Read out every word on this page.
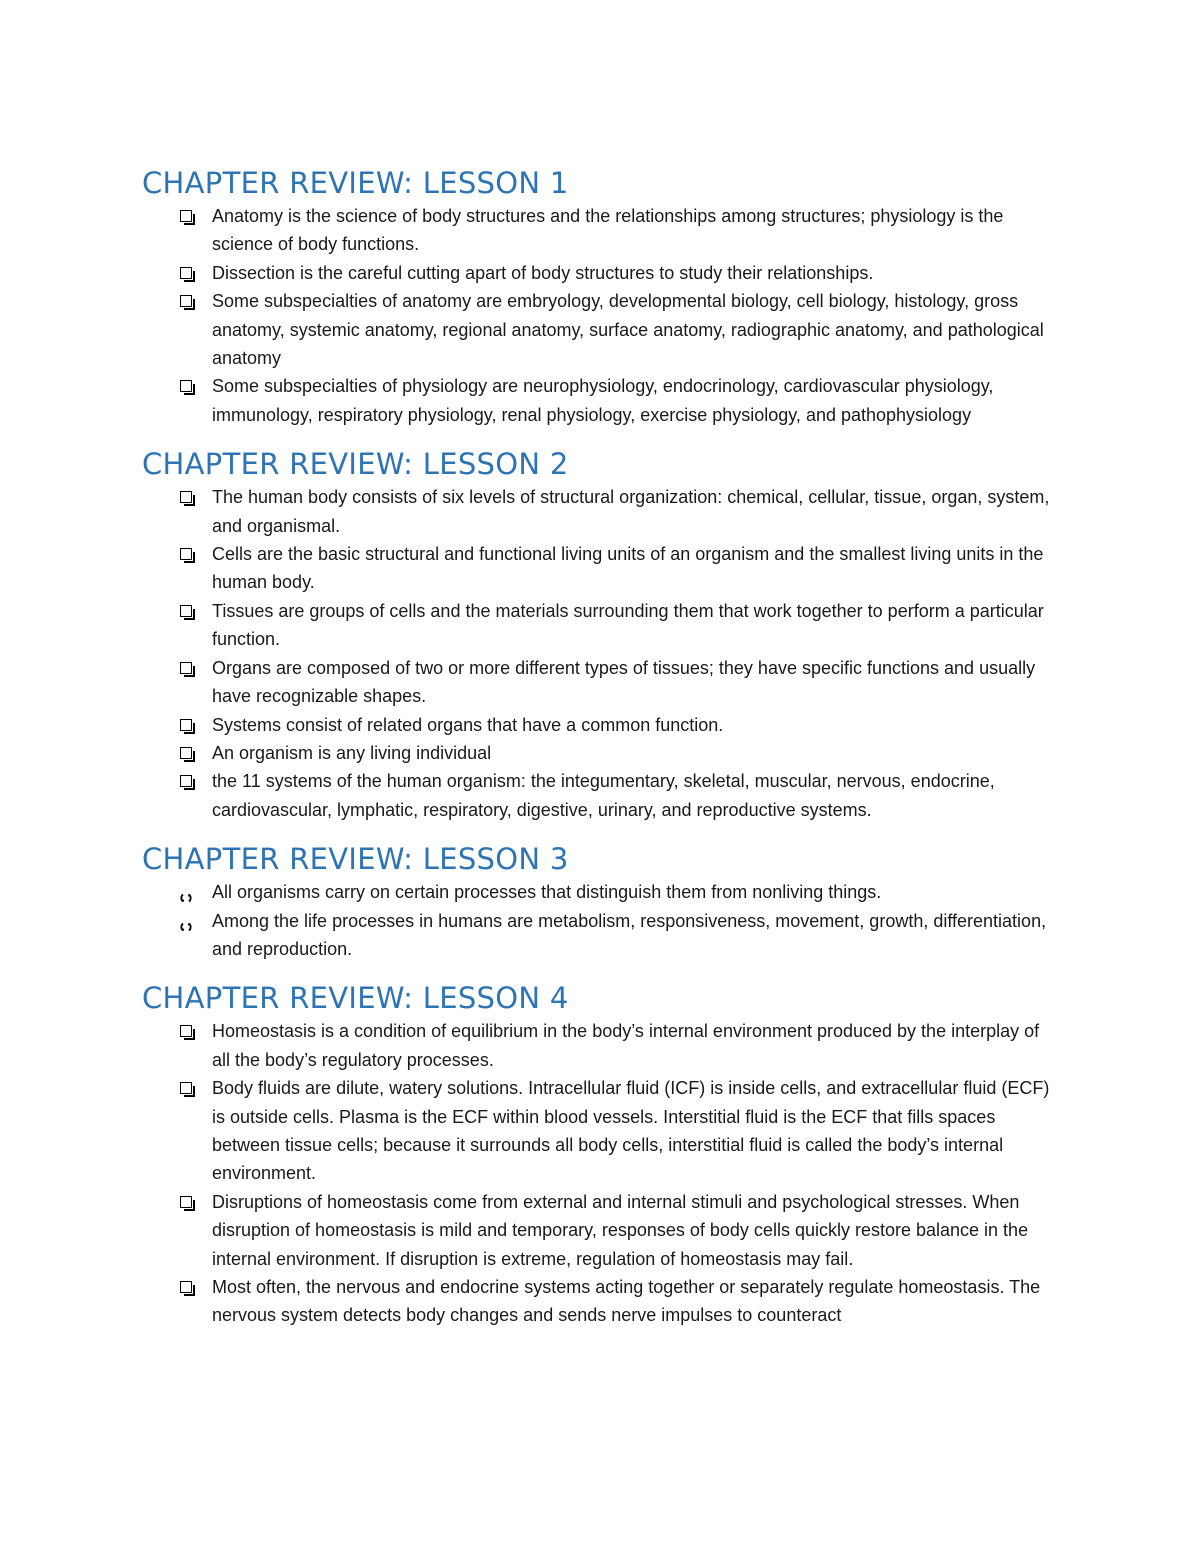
CHAPTER REVIEW: LESSON 1
Anatomy is the science of body structures and the relationships among structures; physiology is the science of body functions.
Dissection is the careful cutting apart of body structures to study their relationships.
Some subspecialties of anatomy are embryology, developmental biology, cell biology, histology, gross anatomy, systemic anatomy, regional anatomy, surface anatomy, radiographic anatomy, and pathological anatomy
Some subspecialties of physiology are neurophysiology, endocrinology, cardiovascular physiology, immunology, respiratory physiology, renal physiology, exercise physiology, and pathophysiology
CHAPTER REVIEW: LESSON 2
The human body consists of six levels of structural organization: chemical, cellular, tissue, organ, system, and organismal.
Cells are the basic structural and functional living units of an organism and the smallest living units in the human body.
Tissues are groups of cells and the materials surrounding them that work together to perform a particular function.
Organs are composed of two or more different types of tissues; they have specific functions and usually have recognizable shapes.
Systems consist of related organs that have a common function.
An organism is any living individual
the 11 systems of the human organism: the integumentary, skeletal, muscular, nervous, endocrine, cardiovascular, lymphatic, respiratory, digestive, urinary, and reproductive systems.
CHAPTER REVIEW: LESSON 3
All organisms carry on certain processes that distinguish them from nonliving things.
Among the life processes in humans are metabolism, responsiveness, movement, growth, differentiation, and reproduction.
CHAPTER REVIEW: LESSON 4
Homeostasis is a condition of equilibrium in the body’s internal environment produced by the interplay of all the body’s regulatory processes.
Body fluids are dilute, watery solutions. Intracellular fluid (ICF) is inside cells, and extracellular fluid (ECF) is outside cells. Plasma is the ECF within blood vessels. Interstitial fluid is the ECF that fills spaces between tissue cells; because it surrounds all body cells, interstitial fluid is called the body’s internal environment.
Disruptions of homeostasis come from external and internal stimuli and psychological stresses. When disruption of homeostasis is mild and temporary, responses of body cells quickly restore balance in the internal environment. If disruption is extreme, regulation of homeostasis may fail.
Most often, the nervous and endocrine systems acting together or separately regulate homeostasis. The nervous system detects body changes and sends nerve impulses to counteract
